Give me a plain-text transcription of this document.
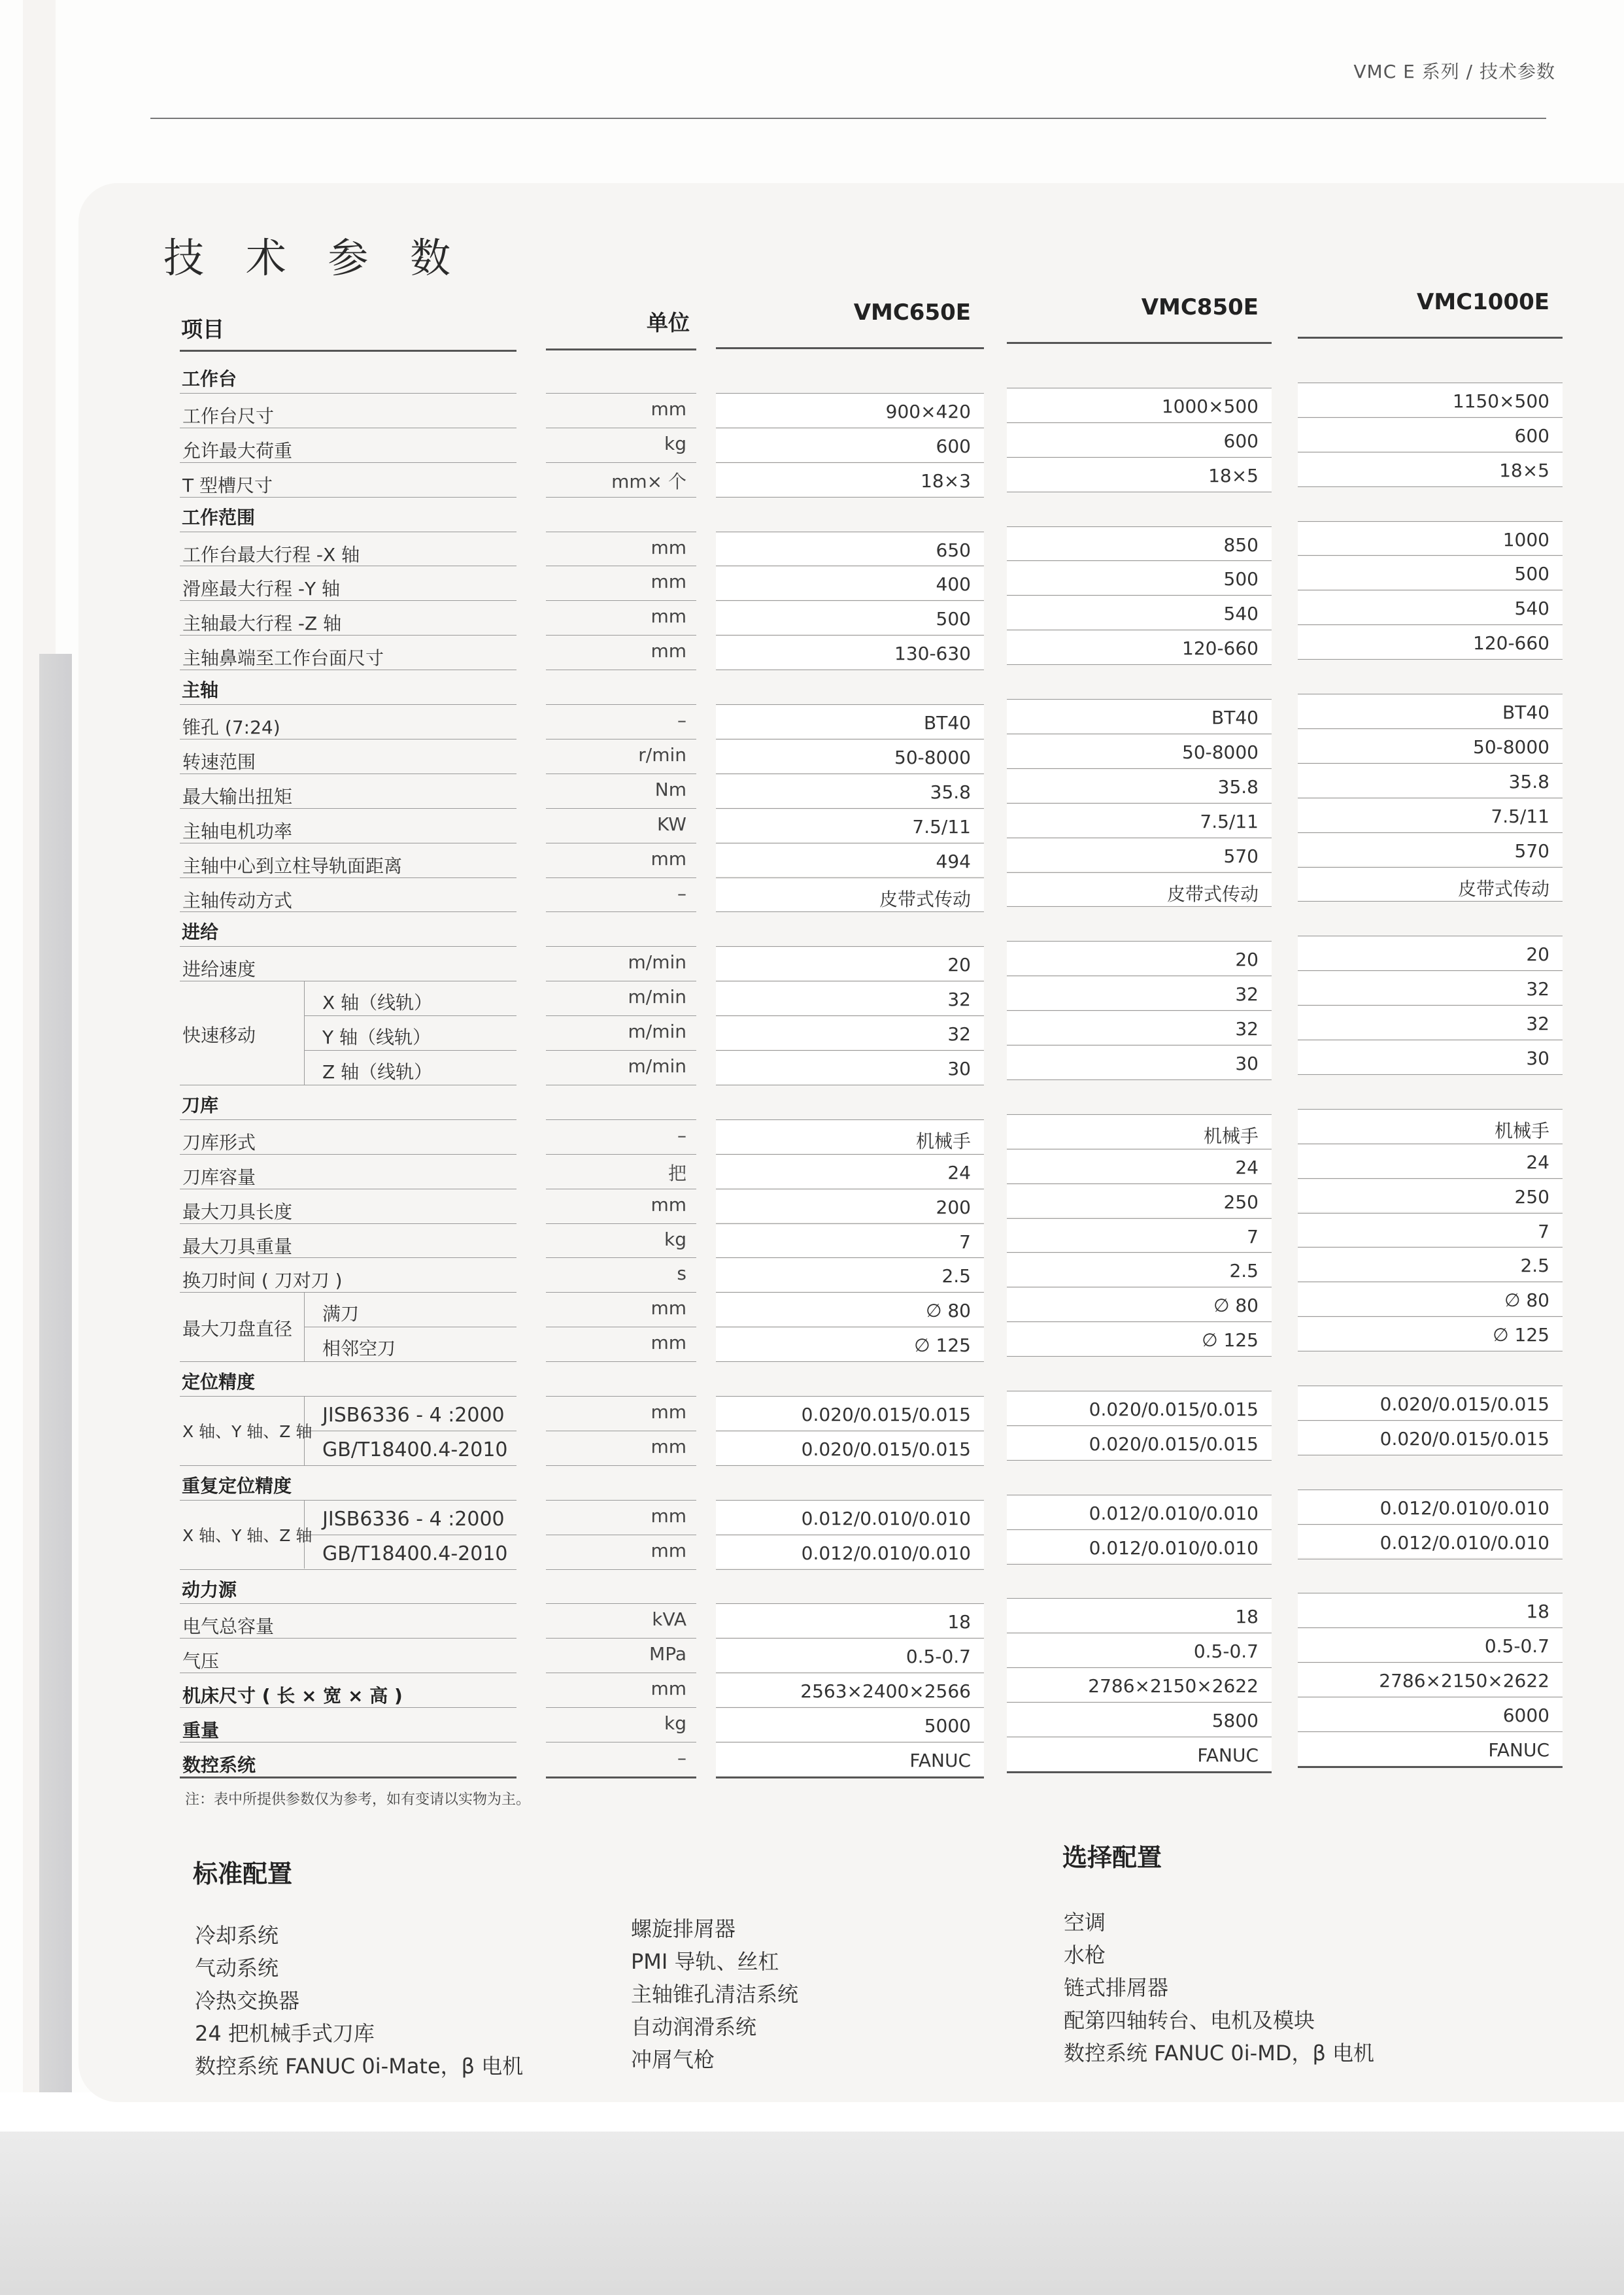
VMC E 系列 / 技术参数
技 术 参 数
项目	单位	VMC650E	VMC850E	VMC1000E
工作台
工作台尺寸	mm	900×420	1000×500	1150×500
允许最大荷重	kg	600	600	600
T 型槽尺寸	mm× 个	18×3	18×5	18×5
工作范围
工作台最大行程 -X 轴	mm	650	850	1000
滑座最大行程 -Y 轴	mm	400	500	500
主轴最大行程 -Z 轴	mm	500	540	540
主轴鼻端至工作台面尺寸	mm	130-630	120-660	120-660
主轴
锥孔 (7:24)	–	BT40	BT40	BT40
转速范围	r/min	50-8000	50-8000	50-8000
最大输出扭矩	Nm	35.8	35.8	35.8
主轴电机功率	KW	7.5/11	7.5/11	7.5/11
主轴中心到立柱导轨面距离	mm	494	570	570
主轴传动方式	–	皮带式传动	皮带式传动	皮带式传动
进给
进给速度	m/min	20	20	20
X 轴（线轨）	m/min	32	32	32
Y 轴（线轨）	m/min	32	32	32
快速移动
Z 轴（线轨）	m/min	30	30	30
刀库
刀库形式	–	机械手	机械手	机械手
刀库容量	把	24	24	24
最大刀具长度	mm	200	250	250
最大刀具重量	kg	7	7	7
换刀时间 ( 刀对刀 )	s	2.5	2.5	2.5
满刀	mm	∅ 80	∅ 80	∅ 80
最大刀盘直径
相邻空刀	mm	∅ 125	∅ 125	∅ 125
定位精度
JISB6336 - 4 :2000	mm	0.020/0.015/0.015	0.020/0.015/0.015	0.020/0.015/0.015
X 轴、Y 轴、Z 轴
GB/T18400.4-2010	mm	0.020/0.015/0.015	0.020/0.015/0.015	0.020/0.015/0.015
重复定位精度
JISB6336 - 4 :2000	mm	0.012/0.010/0.010	0.012/0.010/0.010	0.012/0.010/0.010
X 轴、Y 轴、Z 轴
GB/T18400.4-2010	mm	0.012/0.010/0.010	0.012/0.010/0.010	0.012/0.010/0.010
动力源
电气总容量	kVA	18	18	18
气压	MPa	0.5-0.7	0.5-0.7	0.5-0.7
机床尺寸 ( 长 × 宽 × 高 )	mm	2563×2400×2566	2786×2150×2622	2786×2150×2622
重量	kg	5000	5800	6000
数控系统	–	FANUC	FANUC	FANUC
注：表中所提供参数仅为参考，如有变请以实物为主。
标准配置
冷却系统
气动系统
冷热交换器
24 把机械手式刀库
数控系统 FANUC 0i-Mate，β 电机
螺旋排屑器
PMI 导轨、丝杠
主轴锥孔清洁系统
自动润滑系统
冲屑气枪
选择配置
空调
水枪
链式排屑器
配第四轴转台、电机及模块
数控系统 FANUC 0i-MD，β 电机
